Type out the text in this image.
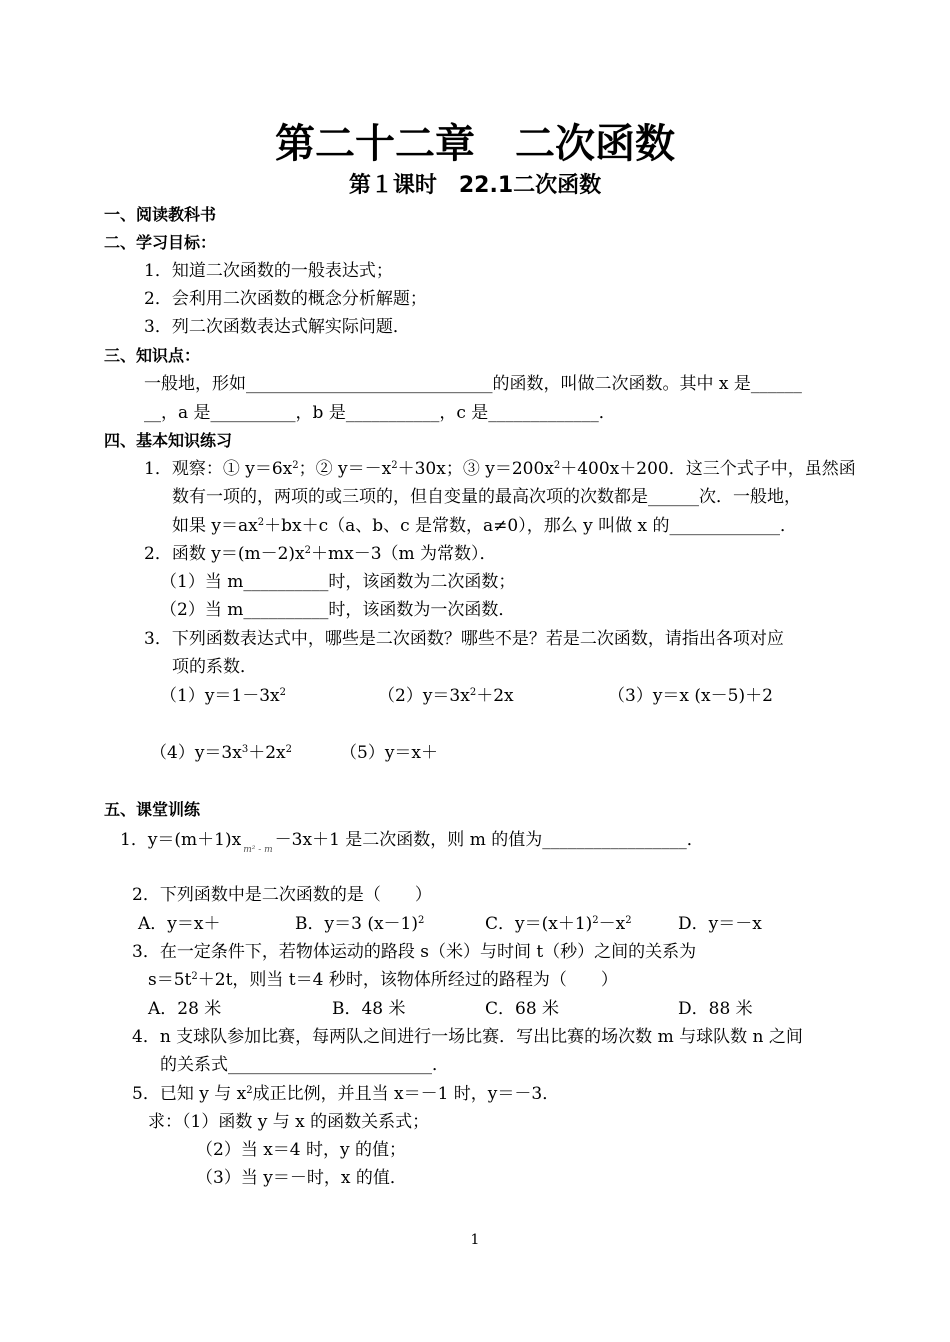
第二十二章　二次函数
第１课时　22.1二次函数
一、阅读教科书
二、学习目标：
1．知道二次函数的一般表达式；
2．会利用二次函数的概念分析解题；
3．列二次函数表达式解实际问题．
三、知识点：
一般地，形如_____________________________的函数，叫做二次函数。其中 x 是______
__，a 是__________，b 是___________，c 是_____________．
四、基本知识练习
1．观察：① $y=6x^2$；② $y=-x^2+30x$；③ $y=200x^2+400x+200$．这三个式子中，虽然函
数有一项的，两项的或三项的，但自变量的最高次项的次数都是______次．一般地，
如果 $y=ax^2+bx+c(a$、b、c 是常数，a≠0），那么 y 叫做 x 的_____________．
2．函数 $y=(m-2)x^2+mx-3(m$ 为常数）．
（1）当 m__________时，该函数为二次函数；
（2）当 m__________时，该函数为一次函数．
3．下列函数表达式中，哪些是二次函数？哪些不是？若是二次函数，请指出各项对应
项的系数．
$(1)y=1-3x^2$	$(2)y=3x^2+2x$	（3）y＝x (x－5)＋2
$(4)y=3x^3+2x^2$	（5）y＝x＋
五、课堂训练
1．y＝(m＋1)x $_{m^2 - m}$ －3x＋1 是二次函数，则 m 的值为_________________．
2．下列函数中是二次函数的是（　　）
A．y＝x＋	B．y＝3 $(x-1)^2$	C．$y=(x+1)^2-x^2$	D．y＝－x
3．在一定条件下，若物体运动的路段 s（米）与时间 t（秒）之间的关系为
$s=5t^2+2t$，则当 t＝4 秒时，该物体所经过的路程为（　　）
A．28 米	B．48 米	C．68 米	D．88 米
4．n 支球队参加比赛，每两队之间进行一场比赛．写出比赛的场次数 m 与球队数 n 之间
的关系式________________________．
5．已知 y 与 $x^2$成正比例，并且当 x＝－1 时，y＝－3．
求：（1）函数 y 与 x 的函数关系式；
（2）当 x＝4 时，y 的值；
（3）当 y＝－时，x 的值．
1
